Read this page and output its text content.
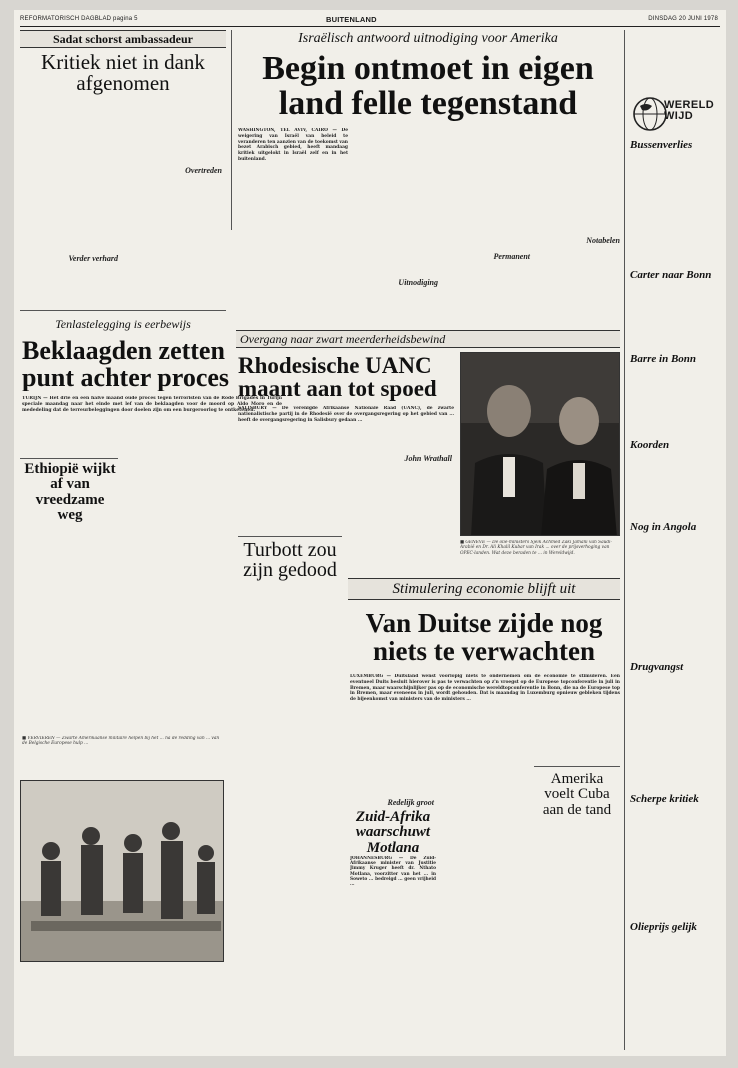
REFORMATORISCH DAGBLAD pagina 5	BUITENLAND	DINSDAG 20 JUNI 1978
Sadat schorst ambassadeur
Kritiek niet in dank afgenomen
Verder verhard
Overtreden
Israëlisch antwoord uitnodiging voor Amerika
Begin ontmoet in eigen land felle tegenstand
WASHINGTON, TEL AVIV, CAÏRO — De weigering van Israël van beleid te veranderen ten aanzien van de toekomst van bezet Arabisch gebied, heeft mandaag kritiek uitgelokt in Israël zelf en in het buitenland.
Uitnodiging
Permanent
Notabelen
Tenlastelegging is eerbewijs
Beklaagden zetten punt achter proces
TURIJN — Het drie en een halve maand oude proces tegen terroristen van de Rode Brigades in Turijn speciale maandag naar het einde met lef van de beklaagden voor de moord op Aldo Moro en de mededeling dat de terreurbeleggingen door doelen zijn om een burgeroorlog te ontketenen.
Ethiopië wijkt af van vreedzame weg
■ VERVIEREN — Zwarte Amerikaanse militaire helpen bij het ... na de redding van ... van de Belgische Europese hulp ...
Overgang naar zwart meerderheidsbewind
Rhodesische UANC maant aan tot spoed
SALISBURY — De verenigde Afrikaanse Nationale Raad (UANC), de zwarte nationalistische partij in de Rhodesië over de overgangsregering op het gebied van ... heeft de overgangsregering in Salisbury gedaan ...
John Wrathall
■ GENEVE — De olie-ministers Sjeik Achmed Zaki Jamani van Saudi-Arabië en Dr. Ali Khalil Kubar van Irak ... over de prijsverhoging van OPEC-landen. Wat deze beraden te ... in Wereldwijd.
Turbott zou zijn gedood
Stimulering economie blijft uit
Van Duitse zijde nog niets te verwachten
LUXEMBURG — Duitsland wenst voorlopig niets te ondernemen om de economie te stimuleren. Een eventueel Duits besluit hierover is pas te verwachten op z'n vroegst op de Europese topconferentie in juli in Bremen, maar waarschijnlijker pas op de economische wereldtopconferentie in Bonn, die na de Europese top in Bremen, maar eveneens in juli, wordt gehouden. Dat is maandag in Luxemburg opnieuw gebleken tijdens de bijeenkomst van ministers van de ministers ...
Redelijk groot
Zuid-Afrika waarschuwt Motlana
JOHANNESBURG — De Zuid-Afrikaanse minister van Justitie Jimmy Kruger heeft dr. Nthato Motlana, voorzitter van het ... in Soweto ... bedreigd ... geen vrijheid ...
Amerika voelt Cuba aan de tand
WERELD WIJD
Bussenverlies
Carter naar Bonn
Barre in Bonn
Koorden
Nog in Angola
Drugvangst
Scherpe kritiek
Olieprijs gelijk
